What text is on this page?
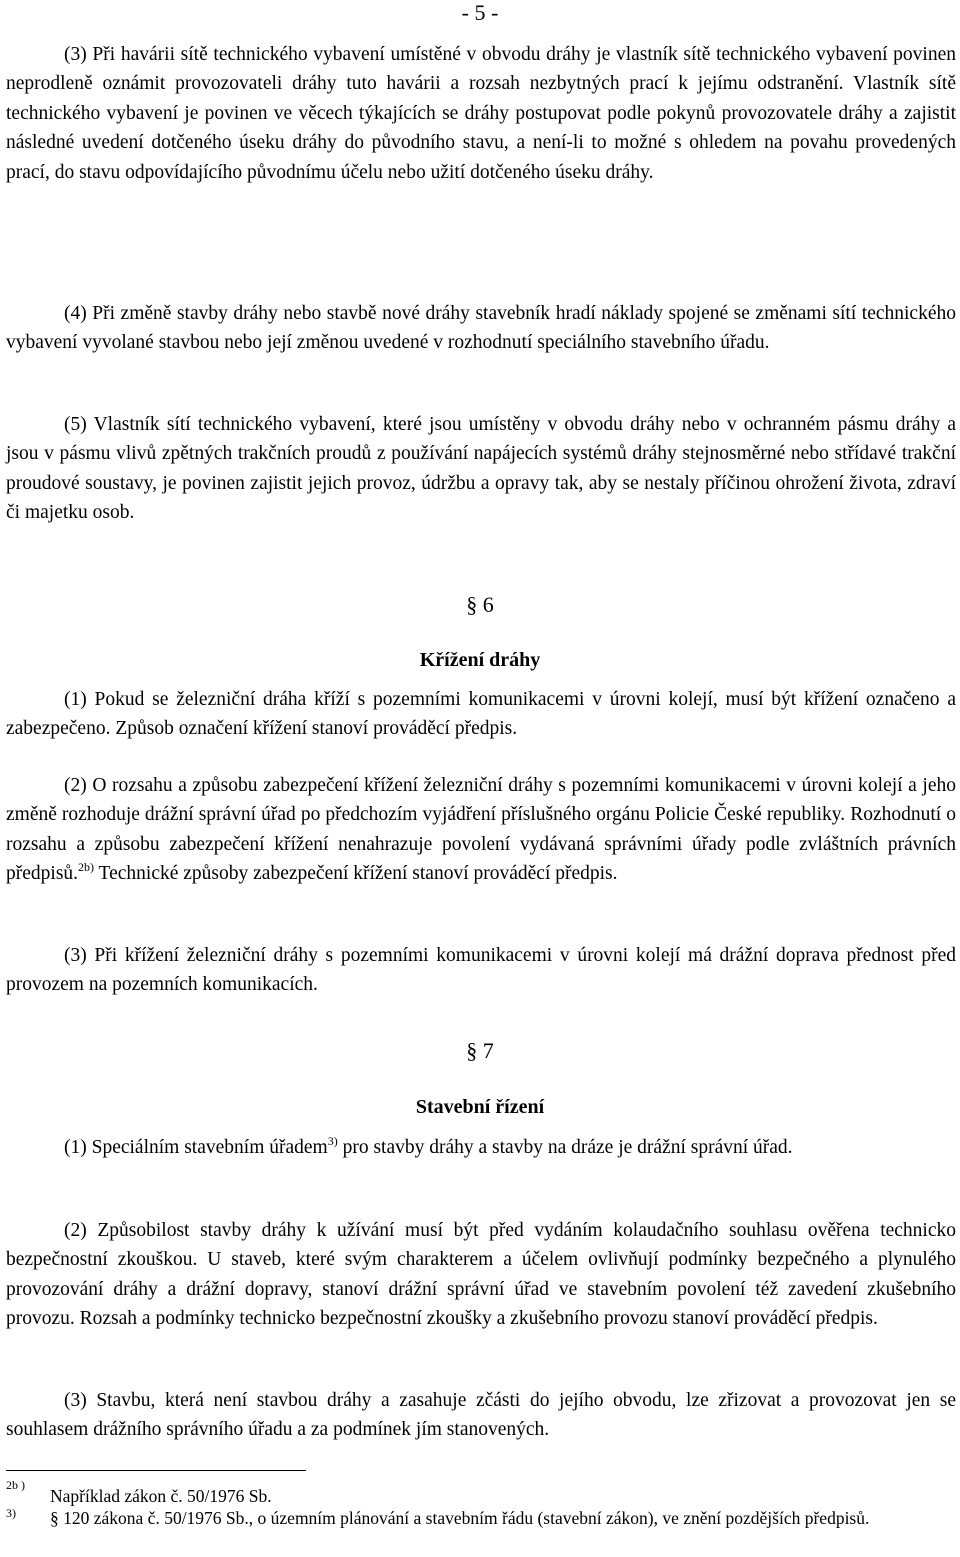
- 5 -

(3) Při havárii sítě technického vybavení umístěné v obvodu dráhy je vlastník sítě technického vybavení povinen neprodleně oznámit provozovateli dráhy tuto havárii a rozsah nezbytných prací k jejímu odstranění. Vlastník sítě technického vybavení je povinen ve věcech týkajících se dráhy postupovat podle pokynů provozovatele dráhy a zajistit následné uvedení dotčeného úseku dráhy do původního stavu, a není-li to možné s ohledem na povahu provedených prací, do stavu odpovídajícího původnímu účelu nebo užití dotčeného úseku dráhy.

(4) Při změně stavby dráhy nebo stavbě nové dráhy stavebník hradí náklady spojené se změnami sítí technického vybavení vyvolané stavbou nebo její změnou uvedené v rozhodnutí speciálního stavebního úřadu.

(5) Vlastník sítí technického vybavení, které jsou umístěny v obvodu dráhy nebo v ochranném pásmu dráhy a jsou v pásmu vlivů zpětných trakčních proudů z používání napájecích systémů dráhy stejnosměrné nebo střídavé trakční proudové soustavy, je povinen zajistit jejich provoz, údržbu a opravy tak, aby se nestaly příčinou ohrožení života, zdraví či majetku osob.

§ 6
Křížení dráhy

(1) Pokud se železniční dráha kříží s pozemními komunikacemi v úrovni kolejí, musí být křížení označeno a zabezpečeno. Způsob označení křížení stanoví prováděcí předpis.

(2) O rozsahu a způsobu zabezpečení křížení železniční dráhy s pozemními komunikacemi v úrovni kolejí a jeho změně rozhoduje drážní správní úřad po předchozím vyjádření příslušného orgánu Policie České republiky. Rozhodnutí o rozsahu a způsobu zabezpečení křížení nenahrazuje povolení vydávaná správními úřady podle zvláštních právních předpisů.$^{2b)}$ Technické způsoby zabezpečení křížení stanoví prováděcí předpis.

(3) Při křížení železniční dráhy s pozemními komunikacemi v úrovni kolejí má drážní doprava přednost před provozem na pozemních komunikacích.

§ 7
Stavební řízení

(1) Speciálním stavebním úřadem$^{3)}$ pro stavby dráhy a stavby na dráze je drážní správní úřad.

(2) Způsobilost stavby dráhy k užívání musí být před vydáním kolaudačního souhlasu ověřena technicko bezpečnostní zkouškou. U staveb, které svým charakterem a účelem ovlivňují podmínky bezpečného a plynulého provozování dráhy a drážní dopravy, stanoví drážní správní úřad ve stavebním povolení též zavedení zkušebního provozu. Rozsah a podmínky technicko bezpečnostní zkoušky a zkušebního provozu stanoví prováděcí předpis.

(3) Stavbu, která není stavbou dráhy a zasahuje zčásti do jejího obvodu, lze zřizovat a provozovat jen se souhlasem drážního správního úřadu a za podmínek jím stanovených.

2b )
Například zákon č. 50/1976 Sb.
3) § 120 zákona č. 50/1976 Sb., o územním plánování a stavebním řádu (stavební zákon), ve znění pozdějších předpisů.
